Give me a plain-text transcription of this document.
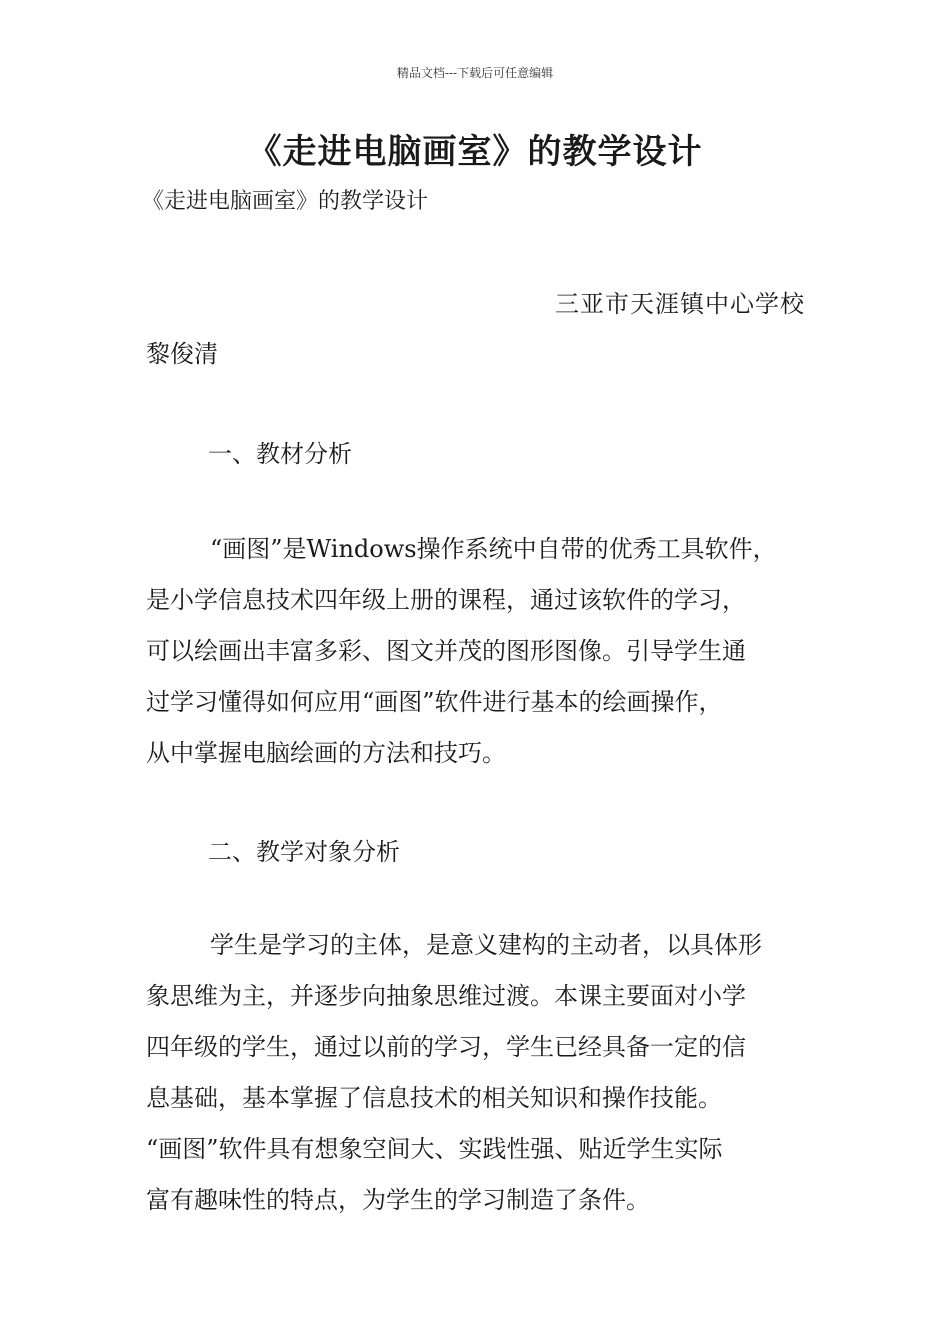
精品文档---下载后可任意编辑
《走进电脑画室》的教学设计
《走进电脑画室》的教学设计
三亚市天涯镇中心学校
黎俊清
一、教材分析
“画图”是Windows操作系统中自带的优秀工具软件，
是小学信息技术四年级上册的课程，通过该软件的学习，
可以绘画出丰富多彩、图文并茂的图形图像。引导学生通
过学习懂得如何应用“画图”软件进行基本的绘画操作，
从中掌握电脑绘画的方法和技巧。
二、教学对象分析
学生是学习的主体，是意义建构的主动者，以具体形
象思维为主，并逐步向抽象思维过渡。本课主要面对小学
四年级的学生，通过以前的学习，学生已经具备一定的信
息基础，基本掌握了信息技术的相关知识和操作技能。
“画图”软件具有想象空间大、实践性强、贴近学生实际
富有趣味性的特点，为学生的学习制造了条件。
